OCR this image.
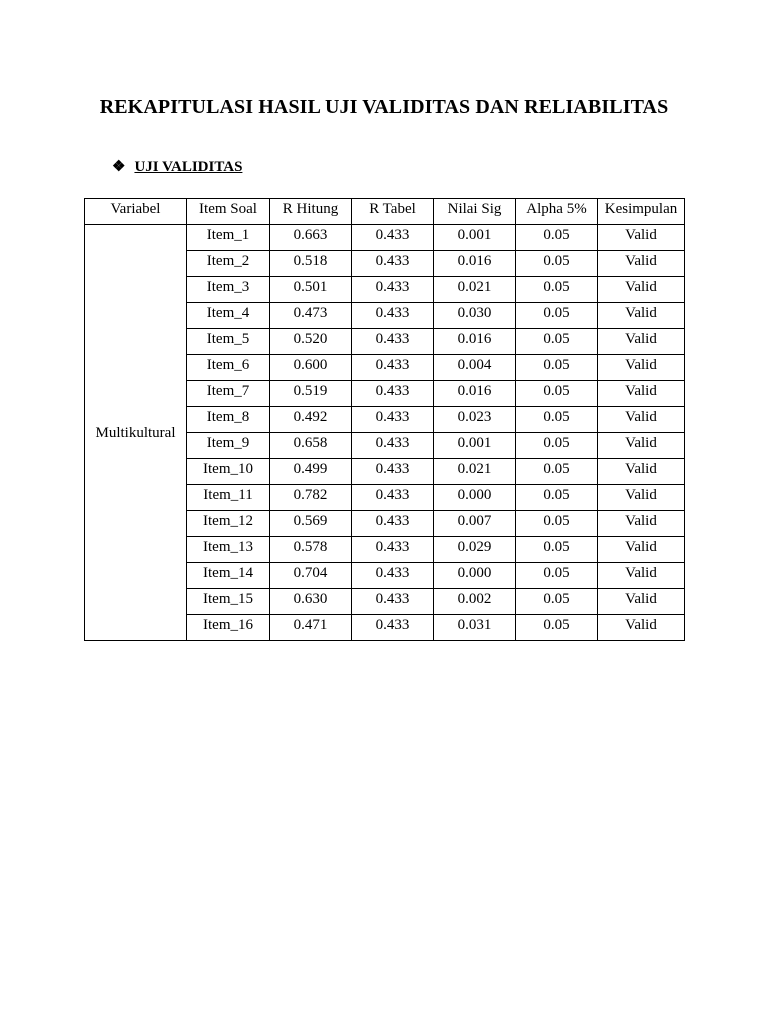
REKAPITULASI HASIL UJI VALIDITAS DAN RELIABILITAS
❖ UJI VALIDITAS
Variabel	Item Soal	R Hitung	R Tabel	Nilai Sig	Alpha 5%	Kesimpulan
Multikultural	Item_1	0.663	0.433	0.001	0.05	Valid
	Item_2	0.518	0.433	0.016	0.05	Valid
	Item_3	0.501	0.433	0.021	0.05	Valid
	Item_4	0.473	0.433	0.030	0.05	Valid
	Item_5	0.520	0.433	0.016	0.05	Valid
	Item_6	0.600	0.433	0.004	0.05	Valid
	Item_7	0.519	0.433	0.016	0.05	Valid
	Item_8	0.492	0.433	0.023	0.05	Valid
	Item_9	0.658	0.433	0.001	0.05	Valid
	Item_10	0.499	0.433	0.021	0.05	Valid
	Item_11	0.782	0.433	0.000	0.05	Valid
	Item_12	0.569	0.433	0.007	0.05	Valid
	Item_13	0.578	0.433	0.029	0.05	Valid
	Item_14	0.704	0.433	0.000	0.05	Valid
	Item_15	0.630	0.433	0.002	0.05	Valid
	Item_16	0.471	0.433	0.031	0.05	Valid
